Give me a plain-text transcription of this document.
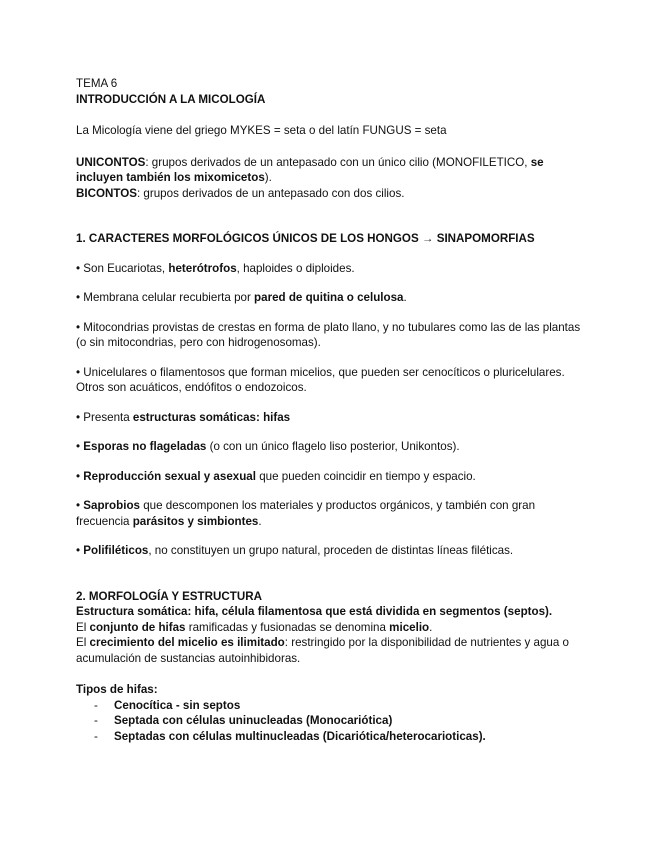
TEMA 6

INTRODUCCIÓN A LA MICOLOGÍA

La Micología viene del griego MYKES = seta o del latín FUNGUS = seta

UNICONTOS: grupos derivados de un antepasado con un único cilio (MONOFILETICO, se incluyen también los mixomicetos).

BICONTOS: grupos derivados de un antepasado con dos cilios.

1. CARACTERES MORFOLÓGICOS ÚNICOS DE LOS HONGOS → SINAPOMORFIAS

• Son Eucariotas, heterótrofos, haploides o diploides.

• Membrana celular recubierta por pared de quitina o celulosa.

• Mitocondrias provistas de crestas en forma de plato llano, y no tubulares como las de las plantas (o sin mitocondrias, pero con hidrogenosomas).

• Unicelulares o filamentosos que forman micelios, que pueden ser cenocíticos o pluricelulares. Otros son acuáticos, endófitos o endozoicos.

• Presenta estructuras somáticas: hifas

• Esporas no flageladas (o con un único flagelo liso posterior, Unikontos).

• Reproducción sexual y asexual que pueden coincidir en tiempo y espacio.

• Saprobios que descomponen los materiales y productos orgánicos, y también con gran frecuencia parásitos y simbiontes.

• Polifiléticos, no constituyen un grupo natural, proceden de distintas líneas filéticas.

2. MORFOLOGÍA Y ESTRUCTURA

Estructura somática: hifa, célula filamentosa que está dividida en segmentos (septos).

El conjunto de hifas ramificadas y fusionadas se denomina micelio.

El crecimiento del micelio es ilimitado: restringido por la disponibilidad de nutrientes y agua o acumulación de sustancias autoinhibidoras.

Tipos de hifas:

- Cenocítica - sin septos
- Septada con células uninucleadas (Monocariótica)
- Septadas con células multinucleadas (Dicariótica/heterocarioticas).
